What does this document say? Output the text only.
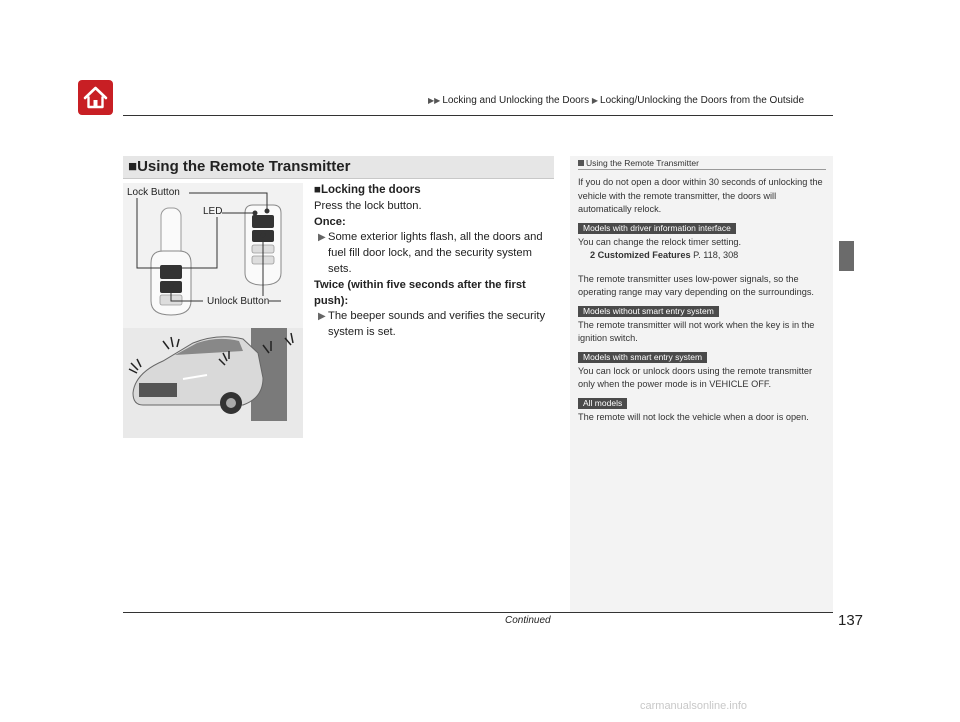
▶▶ Locking and Unlocking the Doors ▶ Locking/Unlocking the Doors from the Outside
■Using the Remote Transmitter
Lock Button
LED
Unlock Button

■Locking the doors

Press the lock button.

Once:

▶ Some exterior lights flash, all the doors and fuel fill door lock, and the security system sets.

Twice (within five seconds after the first push):

▶ The beeper sounds and verifies the security system is set.

Using the Remote Transmitter

If you do not open a door within 30 seconds of unlocking the vehicle with the remote transmitter, the doors will automatically relock.

Models with driver information interface

You can change the relock timer setting.

2 Customized Features P. 118, 308

The remote transmitter uses low-power signals, so the operating range may vary depending on the surroundings.

Models without smart entry system

The remote transmitter will not work when the key is in the ignition switch.

Models with smart entry system

You can lock or unlock doors using the remote transmitter only when the power mode is in VEHICLE OFF.

All models

The remote will not lock the vehicle when a door is open.

Continued	137
carmanualsonline.info
